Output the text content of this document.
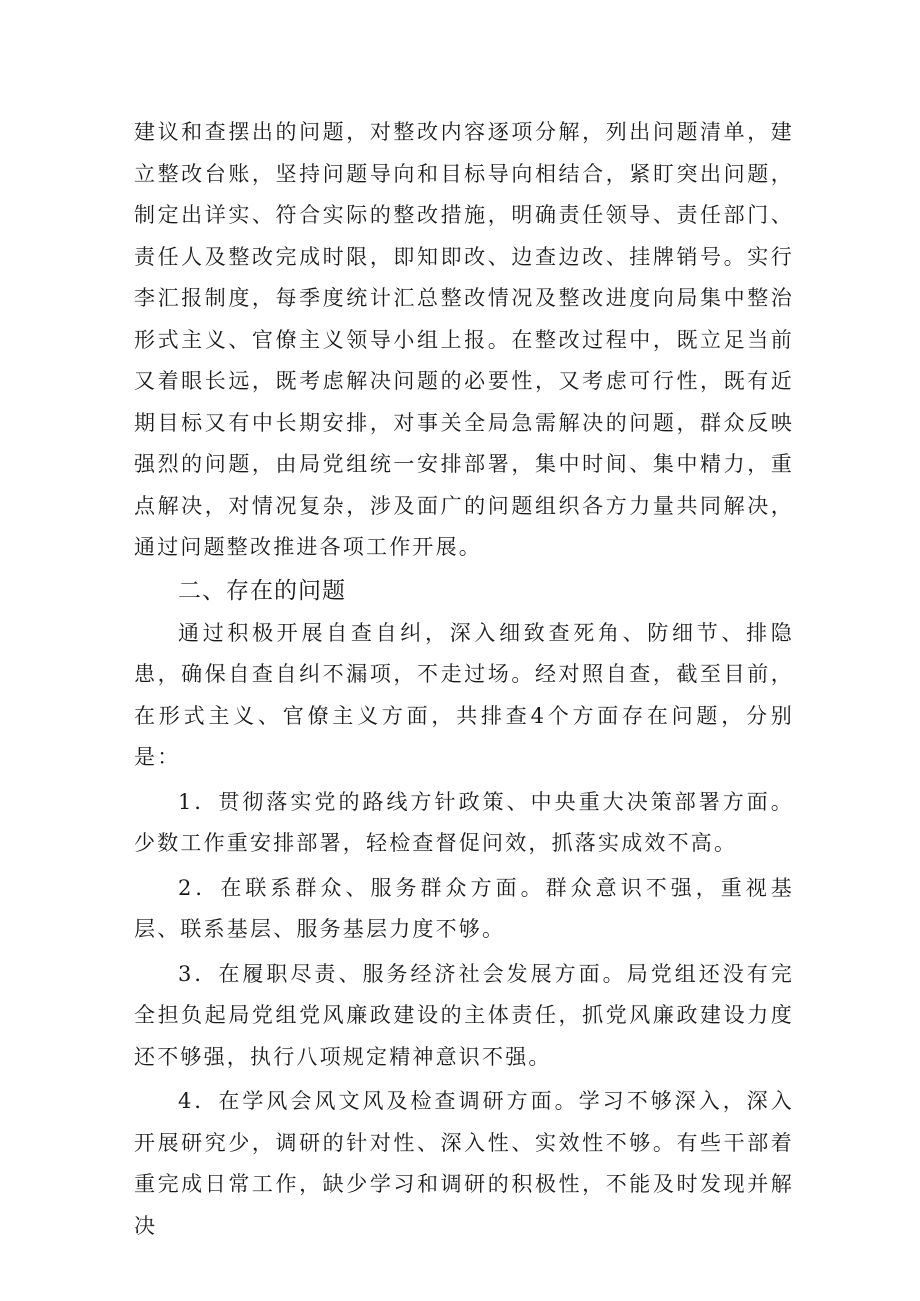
建议和查摆出的问题，对整改内容逐项分解，列出问题清单，建立整改台账，坚持问题导向和目标导向相结合，紧盯突出问题，制定出详实、符合实际的整改措施，明确责任领导、责任部门、责任人及整改完成时限，即知即改、边查边改、挂牌销号。实行李汇报制度，每季度统计汇总整改情况及整改进度向局集中整治形式主义、官僚主义领导小组上报。在整改过程中，既立足当前又着眼长远，既考虑解决问题的必要性，又考虑可行性，既有近期目标又有中长期安排，对事关全局急需解决的问题，群众反映强烈的问题，由局党组统一安排部署，集中时间、集中精力，重点解决，对情况复杂，涉及面广的问题组织各方力量共同解决，通过问题整改推进各项工作开展。

二、存在的问题

通过积极开展自查自纠，深入细致查死角、防细节、排隐患，确保自查自纠不漏项，不走过场。经对照自查，截至目前，在形式主义、官僚主义方面，共排查4个方面存在问题，分别是：

1．贯彻落实党的路线方针政策、中央重大决策部署方面。少数工作重安排部署，轻检查督促问效，抓落实成效不高。

2．在联系群众、服务群众方面。群众意识不强，重视基层、联系基层、服务基层力度不够。

3．在履职尽责、服务经济社会发展方面。局党组还没有完全担负起局党组党风廉政建设的主体责任，抓党风廉政建设力度还不够强，执行八项规定精神意识不强。

4．在学风会风文风及检查调研方面。学习不够深入，深入开展研究少，调研的针对性、深入性、实效性不够。有些干部着重完成日常工作，缺少学习和调研的积极性，不能及时发现并解决
